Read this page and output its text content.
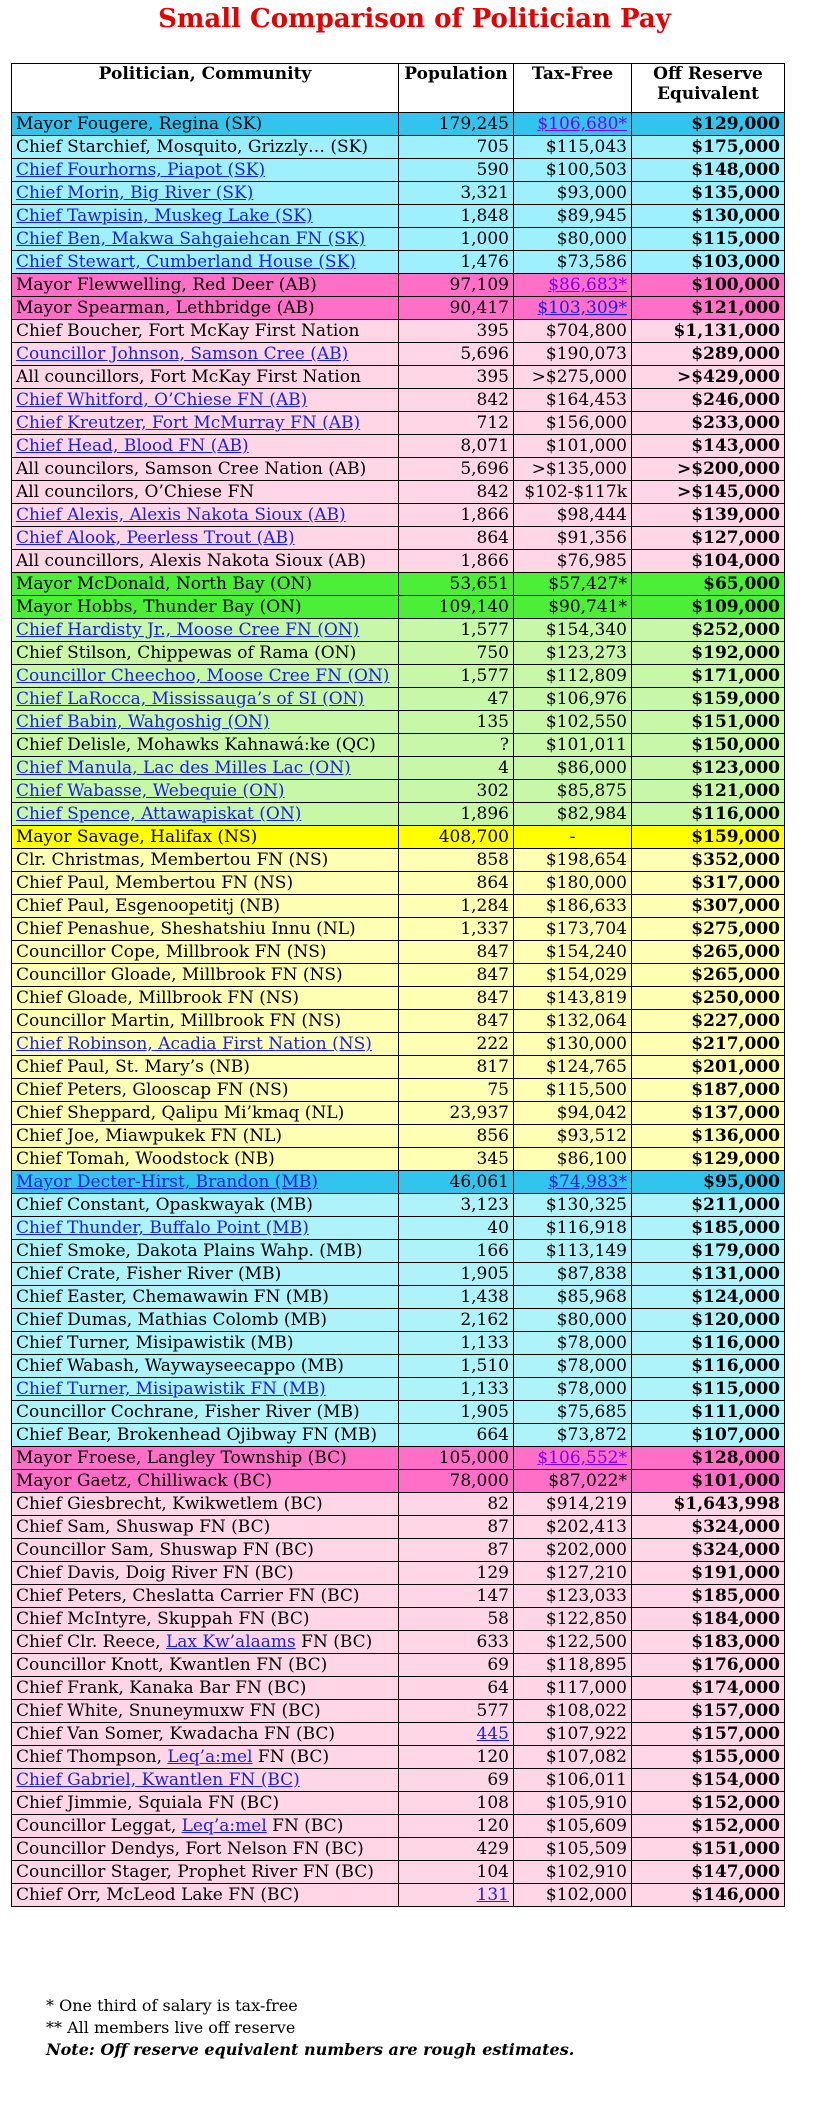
Small Comparison of Politician Pay
Politician, Community	Population	Tax-Free	Off Reserve Equivalent
Mayor Fougere, Regina (SK)	179,245	$106,680*	$129,000
Chief Starchief, Mosquito, Grizzly… (SK)	705	$115,043	$175,000
Chief Fourhorns, Piapot (SK)	590	$100,503	$148,000
Chief Morin, Big River (SK)	3,321	$93,000	$135,000
Chief Tawpisin, Muskeg Lake (SK)	1,848	$89,945	$130,000
Chief Ben, Makwa Sahgaiehcan FN (SK)	1,000	$80,000	$115,000
Chief Stewart, Cumberland House (SK)	1,476	$73,586	$103,000
Mayor Flewwelling, Red Deer (AB)	97,109	$86,683*	$100,000
Mayor Spearman, Lethbridge (AB)	90,417	$103,309*	$121,000
Chief Boucher, Fort McKay First Nation	395	$704,800	$1,131,000
Councillor Johnson, Samson Cree (AB)	5,696	$190,073	$289,000
All councillors, Fort McKay First Nation	395	>$275,000	>$429,000
Chief Whitford, O’Chiese FN (AB)	842	$164,453	$246,000
Chief Kreutzer, Fort McMurray FN (AB)	712	$156,000	$233,000
Chief Head, Blood FN (AB)	8,071	$101,000	$143,000
All councilors, Samson Cree Nation (AB)	5,696	>$135,000	>$200,000
All councilors, O’Chiese FN	842	$102-$117k	>$145,000
Chief Alexis, Alexis Nakota Sioux (AB)	1,866	$98,444	$139,000
Chief Alook, Peerless Trout (AB)	864	$91,356	$127,000
All councillors, Alexis Nakota Sioux (AB)	1,866	$76,985	$104,000
Mayor McDonald, North Bay (ON)	53,651	$57,427*	$65,000
Mayor Hobbs, Thunder Bay (ON)	109,140	$90,741*	$109,000
Chief Hardisty Jr., Moose Cree FN (ON)	1,577	$154,340	$252,000
Chief Stilson, Chippewas of Rama (ON)	750	$123,273	$192,000
Councillor Cheechoo, Moose Cree FN (ON)	1,577	$112,809	$171,000
Chief LaRocca, Mississauga’s of SI (ON)	47	$106,976	$159,000
Chief Babin, Wahgoshig (ON)	135	$102,550	$151,000
Chief Delisle, Mohawks Kahnawá:ke (QC)	?	$101,011	$150,000
Chief Manula, Lac des Milles Lac (ON)	4	$86,000	$123,000
Chief Wabasse, Webequie (ON)	302	$85,875	$121,000
Chief Spence, Attawapiskat (ON)	1,896	$82,984	$116,000
Mayor Savage, Halifax (NS)	408,700	-	$159,000
Clr. Christmas, Membertou FN (NS)	858	$198,654	$352,000
Chief Paul, Membertou FN (NS)	864	$180,000	$317,000
Chief Paul, Esgenoopetitj (NB)	1,284	$186,633	$307,000
Chief Penashue, Sheshatshiu Innu (NL)	1,337	$173,704	$275,000
Councillor Cope, Millbrook FN (NS)	847	$154,240	$265,000
Councillor Gloade, Millbrook FN (NS)	847	$154,029	$265,000
Chief Gloade, Millbrook FN (NS)	847	$143,819	$250,000
Councillor Martin, Millbrook FN (NS)	847	$132,064	$227,000
Chief Robinson, Acadia First Nation (NS)	222	$130,000	$217,000
Chief Paul, St. Mary’s (NB)	817	$124,765	$201,000
Chief Peters, Glooscap FN (NS)	75	$115,500	$187,000
Chief Sheppard, Qalipu Mi’kmaq (NL)	23,937	$94,042	$137,000
Chief Joe, Miawpukek FN (NL)	856	$93,512	$136,000
Chief Tomah, Woodstock (NB)	345	$86,100	$129,000
Mayor Decter-Hirst, Brandon (MB)	46,061	$74,983*	$95,000
Chief Constant, Opaskwayak (MB)	3,123	$130,325	$211,000
Chief Thunder, Buffalo Point (MB)	40	$116,918	$185,000
Chief Smoke, Dakota Plains Wahp. (MB)	166	$113,149	$179,000
Chief Crate, Fisher River (MB)	1,905	$87,838	$131,000
Chief Easter, Chemawawin FN (MB)	1,438	$85,968	$124,000
Chief Dumas, Mathias Colomb (MB)	2,162	$80,000	$120,000
Chief Turner, Misipawistik (MB)	1,133	$78,000	$116,000
Chief Wabash, Waywayseecappo (MB)	1,510	$78,000	$116,000
Chief Turner, Misipawistik FN (MB)	1,133	$78,000	$115,000
Councillor Cochrane, Fisher River (MB)	1,905	$75,685	$111,000
Chief Bear, Brokenhead Ojibway FN (MB)	664	$73,872	$107,000
Mayor Froese, Langley Township (BC)	105,000	$106,552*	$128,000
Mayor Gaetz, Chilliwack (BC)	78,000	$87,022*	$101,000
Chief Giesbrecht, Kwikwetlem (BC)	82	$914,219	$1,643,998
Chief Sam, Shuswap FN (BC)	87	$202,413	$324,000
Councillor Sam, Shuswap FN (BC)	87	$202,000	$324,000
Chief Davis, Doig River FN (BC)	129	$127,210	$191,000
Chief Peters, Cheslatta Carrier FN (BC)	147	$123,033	$185,000
Chief McIntyre, Skuppah FN (BC)	58	$122,850	$184,000
Chief Clr. Reece, Lax Kw’alaams FN (BC)	633	$122,500	$183,000
Councillor Knott, Kwantlen FN (BC)	69	$118,895	$176,000
Chief Frank, Kanaka Bar FN (BC)	64	$117,000	$174,000
Chief White, Snuneymuxw FN (BC)	577	$108,022	$157,000
Chief Van Somer, Kwadacha FN (BC)	445	$107,922	$157,000
Chief Thompson, Leq’a:mel FN (BC)	120	$107,082	$155,000
Chief Gabriel, Kwantlen FN (BC)	69	$106,011	$154,000
Chief Jimmie, Squiala FN (BC)	108	$105,910	$152,000
Councillor Leggat, Leq’a:mel FN (BC)	120	$105,609	$152,000
Councillor Dendys, Fort Nelson FN (BC)	429	$105,509	$151,000
Councillor Stager, Prophet River FN (BC)	104	$102,910	$147,000
Chief Orr, McLeod Lake FN (BC)	131	$102,000	$146,000
* One third of salary is tax-free
** All members live off reserve
Note: Off reserve equivalent numbers are rough estimates.
